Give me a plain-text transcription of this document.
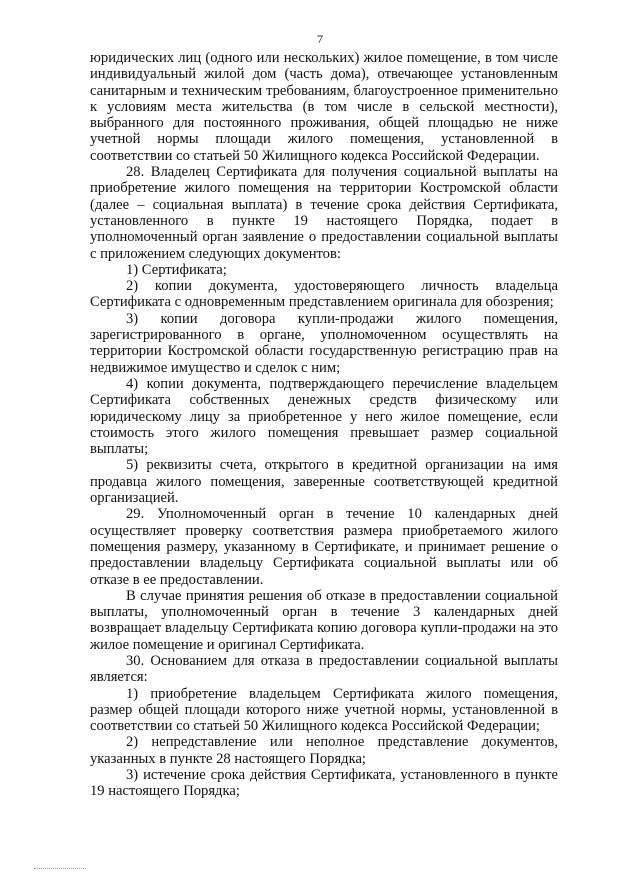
7

юридических лиц (одного или нескольких) жилое помещение, в том числе индивидуальный жилой дом (часть дома), отвечающее установленным санитарным и техническим требованиям, благоустроенное применительно к условиям места жительства (в том числе в сельской местности), выбранного для постоянного проживания, общей площадью не ниже учетной нормы площади жилого помещения, установленной в соответствии со статьей 50 Жилищного кодекса Российской Федерации.

28. Владелец Сертификата для получения социальной выплаты на приобретение жилого помещения на территории Костромской области (далее – социальная выплата) в течение срока действия Сертификата, установленного в пункте 19 настоящего Порядка, подает в уполномоченный орган заявление о предоставлении социальной выплаты с приложением следующих документов:

1) Сертификата;

2) копии документа, удостоверяющего личность владельца Сертификата с одновременным представлением оригинала для обозрения;

3) копии договора купли-продажи жилого помещения, зарегистрированного в органе, уполномоченном осуществлять на территории Костромской области государственную регистрацию прав на недвижимое имущество и сделок с ним;

4) копии документа, подтверждающего перечисление владельцем Сертификата собственных денежных средств физическому или юридическому лицу за приобретенное у него жилое помещение, если стоимость этого жилого помещения превышает размер социальной выплаты;

5) реквизиты счета, открытого в кредитной организации на имя продавца жилого помещения, заверенные соответствующей кредитной организацией.

29. Уполномоченный орган в течение 10 календарных дней осуществляет проверку соответствия размера приобретаемого жилого помещения размеру, указанному в Сертификате, и принимает решение о предоставлении владельцу Сертификата социальной выплаты или об отказе в ее предоставлении.

В случае принятия решения об отказе в предоставлении социальной выплаты, уполномоченный орган в течение 3 календарных дней возвращает владельцу Сертификата копию договора купли-продажи на это жилое помещение и оригинал Сертификата.

30. Основанием для отказа в предоставлении социальной выплаты является:

1) приобретение владельцем Сертификата жилого помещения, размер общей площади которого ниже учетной нормы, установленной в соответствии со статьей 50 Жилищного кодекса Российской Федерации;

2) непредставление или неполное представление документов, указанных в пункте 28 настоящего Порядка;

3) истечение срока действия Сертификата, установленного в пункте 19 настоящего Порядка;
